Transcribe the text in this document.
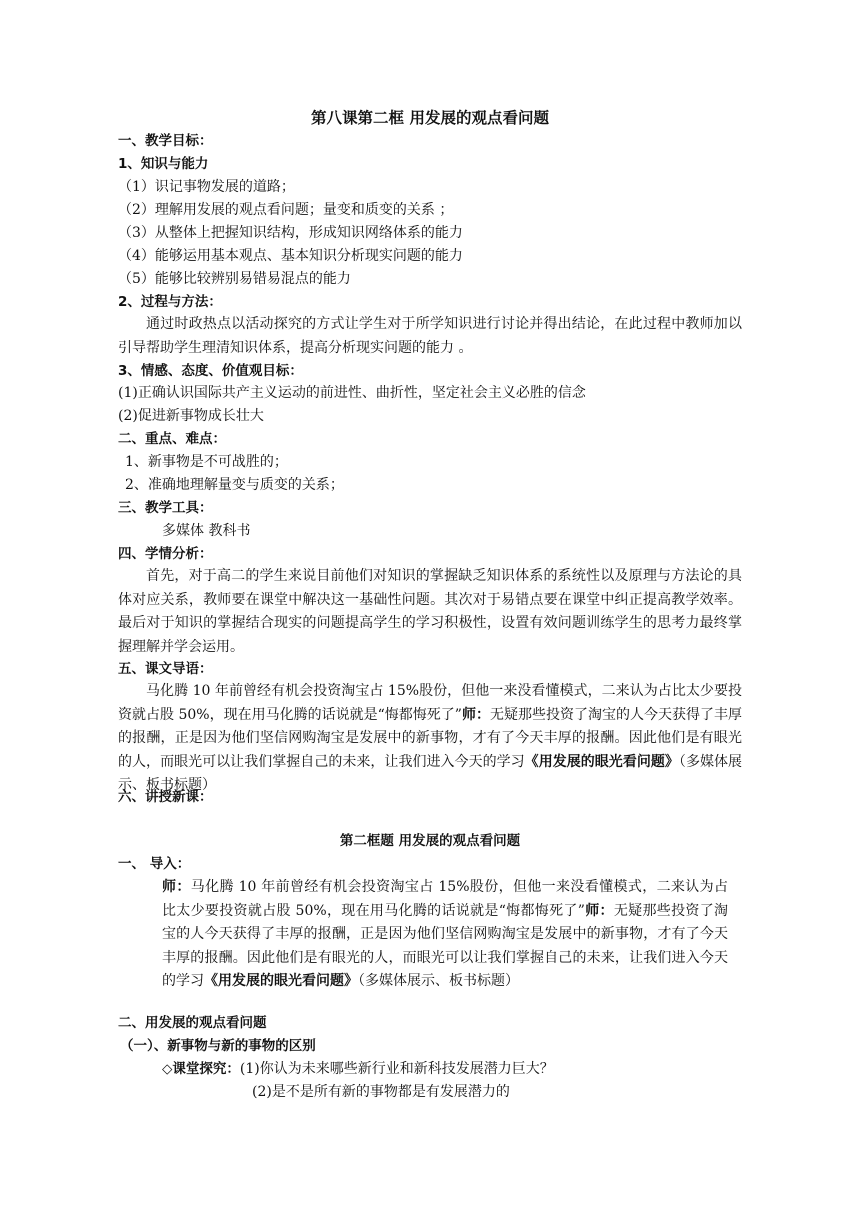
第八课第二框 用发展的观点看问题
一、教学目标：
1、知识与能力
（1）识记事物发展的道路；
（2）理解用发展的观点看问题；量变和质变的关系 ；
（3）从整体上把握知识结构，形成知识网络体系的能力
（4）能够运用基本观点、基本知识分析现实问题的能力
（5）能够比较辨别易错易混点的能力
2、过程与方法：
通过时政热点以活动探究的方式让学生对于所学知识进行讨论并得出结论，在此过程中教师加以引导帮助学生理清知识体系，提高分析现实问题的能力 。
3、情感、态度、价值观目标：
(1)正确认识国际共产主义运动的前进性、曲折性，坚定社会主义必胜的信念
(2)促进新事物成长壮大
二、重点、难点：
1、新事物是不可战胜的；
2、准确地理解量变与质变的关系；
三、教学工具：
多媒体 教科书
四、学情分析：
首先，对于高二的学生来说目前他们对知识的掌握缺乏知识体系的系统性以及原理与方法论的具体对应关系，教师要在课堂中解决这一基础性问题。其次对于易错点要在课堂中纠正提高教学效率。最后对于知识的掌握结合现实的问题提高学生的学习积极性，设置有效问题训练学生的思考力最终掌握理解并学会运用。
五、课文导语：
马化腾 10 年前曾经有机会投资淘宝占 15%股份，但他一来没看懂模式，二来认为占比太少要投资就占股 50%，现在用马化腾的话说就是“悔都悔死了”师：无疑那些投资了淘宝的人今天获得了丰厚的报酬，正是因为他们坚信网购淘宝是发展中的新事物，才有了今天丰厚的报酬。因此他们是有眼光的人，而眼光可以让我们掌握自己的未来，让我们进入今天的学习《用发展的眼光看问题》（多媒体展示、板书标题）
六、讲授新课：
第二框题 用发展的观点看问题
一、 导入：
师：马化腾 10 年前曾经有机会投资淘宝占 15%股份，但他一来没看懂模式，二来认为占比太少要投资就占股 50%，现在用马化腾的话说就是“悔都悔死了”师：无疑那些投资了淘宝的人今天获得了丰厚的报酬，正是因为他们坚信网购淘宝是发展中的新事物，才有了今天丰厚的报酬。因此他们是有眼光的人，而眼光可以让我们掌握自己的未来，让我们进入今天的学习《用发展的眼光看问题》（多媒体展示、板书标题）
二、用发展的观点看问题
（一）、新事物与新的事物的区别
◇课堂探究：(1)你认为未来哪些新行业和新科技发展潜力巨大？
(2)是不是所有新的事物都是有发展潜力的
